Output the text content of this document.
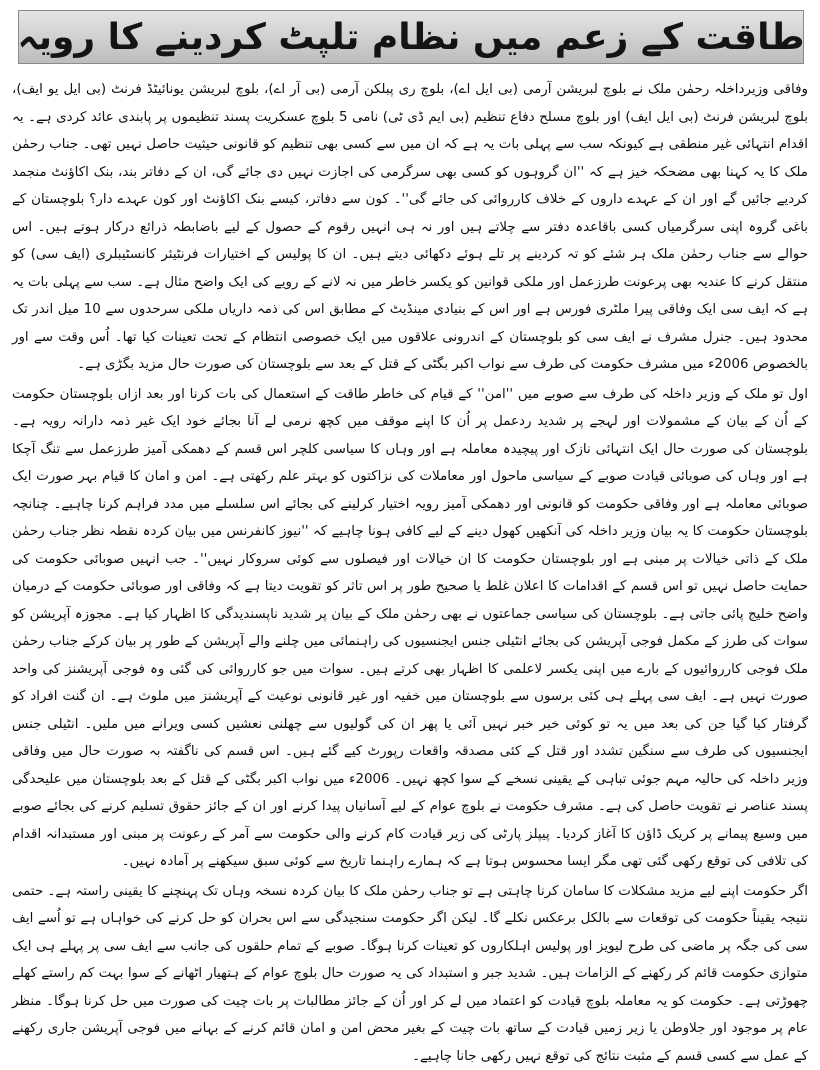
طاقت کے زعم میں نظام تلپٹ کردینے کا رویہ

وفاقی وزیرداخلہ رحمٰن ملک نے بلوچ لبریشن آرمی (بی ایل اے)، بلوچ ری پبلکن آرمی (بی آر اے)، بلوچ لبریشن یونائیٹڈ فرنٹ (بی ایل یو ایف)، بلوچ لبریشن فرنٹ (بی ایل ایف) اور بلوچ مسلح دفاع تنظیم (بی ایم ڈی ٹی) نامی 5 بلوچ عسکریت پسند تنظیموں پر پابندی عائد کردی ہے۔ یہ اقدام انتہائی غیر منطقی ہے کیونکہ سب سے پہلی بات یہ ہے کہ ان میں سے کسی بھی تنظیم کو قانونی حیثیت حاصل نہیں تھی۔ جناب رحمٰن ملک کا یہ کہنا بھی مضحکہ خیز ہے کہ ''ان گروہوں کو کسی بھی سرگرمی کی اجازت نہیں دی جائے گی، ان کے دفاتر بند، بنک اکاؤنٹ منجمد کردیے جائیں گے اور ان کے عہدے داروں کے خلاف کارروائی کی جائے گی''۔ کون سے دفاتر، کیسے بنک اکاؤنٹ اور کون عہدے دار؟ بلوچستان کے باغی گروہ اپنی سرگرمیاں کسی باقاعدہ دفتر سے چلاتے ہیں اور نہ ہی انہیں رقوم کے حصول کے لیے باضابطہ ذرائع درکار ہوتے ہیں۔ اس حوالے سے جناب رحمٰن ملک ہر شئے کو تہ کردینے پر تلے ہوئے دکھائی دیتے ہیں۔ ان کا پولیس کے اختیارات فرنٹیئر کانسٹیبلری (ایف سی) کو منتقل کرنے کا عندیہ بھی پرعونت طرزعمل اور ملکی قوانین کو یکسر خاطر میں نہ لانے کے رویے کی ایک واضح مثال ہے۔ سب سے پہلی بات یہ ہے کہ ایف سی ایک وفاقی پیرا ملٹری فورس ہے اور اس کے بنیادی مینڈیٹ کے مطابق اس کی ذمہ داریاں ملکی سرحدوں سے 10 میل اندر تک محدود ہیں۔ جنرل مشرف نے ایف سی کو بلوچستان کے اندرونی علاقوں میں ایک خصوصی انتظام کے تحت تعینات کیا تھا۔ اُس وقت سے اور بالخصوص 2006ء میں مشرف حکومت کی طرف سے نواب اکبر بگٹی کے قتل کے بعد سے بلوچستان کی صورت حال مزید بگڑی ہے۔

اول تو ملک کے وزیر داخلہ کی طرف سے صوبے میں ''امن'' کے قیام کی خاطر طاقت کے استعمال کی بات کرنا اور بعد ازاں بلوچستان حکومت کے اُن کے بیان کے مشمولات اور لہجے پر شدید ردعمل پر اُن کا اپنے موقف میں کچھ نرمی لے آنا بجائے خود ایک غیر ذمہ دارانہ رویہ ہے۔ بلوچستان کی صورت حال ایک انتہائی نازک اور پیچیدہ معاملہ ہے اور وہاں کا سیاسی کلچر اس قسم کے دھمکی آمیز طرزعمل سے تنگ آچکا ہے اور وہاں کی صوبائی قیادت صوبے کے سیاسی ماحول اور معاملات کی نزاکتوں کو بہتر علم رکھتی ہے۔ امن و امان کا قیام بہر صورت ایک صوبائی معاملہ ہے اور وفاقی حکومت کو قانونی اور دھمکی آمیز رویہ اختیار کرلینے کی بجائے اس سلسلے میں مدد فراہم کرنا چاہیے۔ چنانچہ بلوچستان حکومت کا یہ بیان وزیر داخلہ کی آنکھیں کھول دینے کے لیے کافی ہونا چاہیے کہ ''نیوز کانفرنس میں بیان کردہ نقطہ نظر جناب رحمٰن ملک کے ذاتی خیالات پر مبنی ہے اور بلوچستان حکومت کا ان خیالات اور فیصلوں سے کوئی سروکار نہیں''۔ جب انہیں صوبائی حکومت کی حمایت حاصل نہیں تو اس قسم کے اقدامات کا اعلان غلط یا صحیح طور پر اس تاثر کو تقویت دیتا ہے کہ وفاقی اور صوبائی حکومت کے درمیان واضح خلیج پائی جاتی ہے۔ بلوچستان کی سیاسی جماعتوں نے بھی رحمٰن ملک کے بیان پر شدید ناپسندیدگی کا اظہار کیا ہے۔ مجوزہ آپریشن کو سوات کی طرز کے مکمل فوجی آپریشن کی بجائے انٹیلی جنس ایجنسیوں کی راہنمائی میں چلنے والے آپریشن کے طور پر بیان کرکے جناب رحمٰن ملک فوجی کارروائیوں کے بارے میں اپنی یکسر لاعلمی کا اظہار بھی کرتے ہیں۔ سوات میں جو کارروائی کی گئی وہ فوجی آپریشنز کی واحد صورت نہیں ہے۔ ایف سی پہلے ہی کئی برسوں سے بلوچستان میں خفیہ اور غیر قانونی نوعیت کے آپریشنز میں ملوث ہے۔ ان گنت افراد کو گرفتار کیا گیا جن کی بعد میں یہ تو کوئی خیر خبر نہیں آئی یا پھر ان کی گولیوں سے چھلنی نعشیں کسی ویرانے میں ملیں۔ انٹیلی جنس ایجنسیوں کی طرف سے سنگین تشدد اور قتل کے کئی مصدقہ واقعات رپورٹ کیے گئے ہیں۔ اس قسم کی ناگفتہ بہ صورت حال میں وفاقی وزیر داخلہ کی حالیہ مہم جوئی تباہی کے یقینی نسخے کے سوا کچھ نہیں۔ 2006ء میں نواب اکبر بگٹی کے قتل کے بعد بلوچستان میں علیحدگی پسند عناصر نے تقویت حاصل کی ہے۔ مشرف حکومت نے بلوچ عوام کے لیے آسانیاں پیدا کرنے اور ان کے جائز حقوق تسلیم کرنے کی بجائے صوبے میں وسیع پیمانے پر کریک ڈاؤن کا آغاز کردیا۔ پیپلز پارٹی کی زیر قیادت کام کرنے والی حکومت سے آمر کے رعونت پر مبنی اور مستبدانہ اقدام کی تلافی کی توقع رکھی گئی تھی مگر ایسا محسوس ہوتا ہے کہ ہمارے راہنما تاریخ سے کوئی سبق سیکھنے پر آمادہ نہیں۔

اگر حکومت اپنے لیے مزید مشکلات کا سامان کرنا چاہتی ہے تو جناب رحمٰن ملک کا بیان کردہ نسخہ وہاں تک پہنچنے کا یقینی راستہ ہے۔ حتمی نتیجہ یقیناً حکومت کی توقعات سے بالکل برعکس نکلے گا۔ لیکن اگر حکومت سنجیدگی سے اس بحران کو حل کرنے کی خواہاں ہے تو اُسے ایف سی کی جگہ پر ماضی کی طرح لیویز اور پولیس اہلکاروں کو تعینات کرنا ہوگا۔ صوبے کے تمام حلقوں کی جانب سے ایف سی پر پہلے ہی ایک متوازی حکومت قائم کر رکھنے کے الزامات ہیں۔ شدید جبر و استبداد کی یہ صورت حال بلوچ عوام کے ہتھیار اٹھانے کے سوا بہت کم راستے کھلے چھوڑتی ہے۔ حکومت کو یہ معاملہ بلوچ قیادت کو اعتماد میں لے کر اور اُن کے جائز مطالبات پر بات چیت کی صورت میں حل کرنا ہوگا۔ منظر عام پر موجود اور جلاوطن یا زیر زمیں قیادت کے ساتھ بات چیت کے بغیر محض امن و امان قائم کرنے کے بہانے میں فوجی آپریشن جاری رکھنے کے عمل سے کسی قسم کے مثبت نتائج کی توقع نہیں رکھی جانا چاہیے۔
